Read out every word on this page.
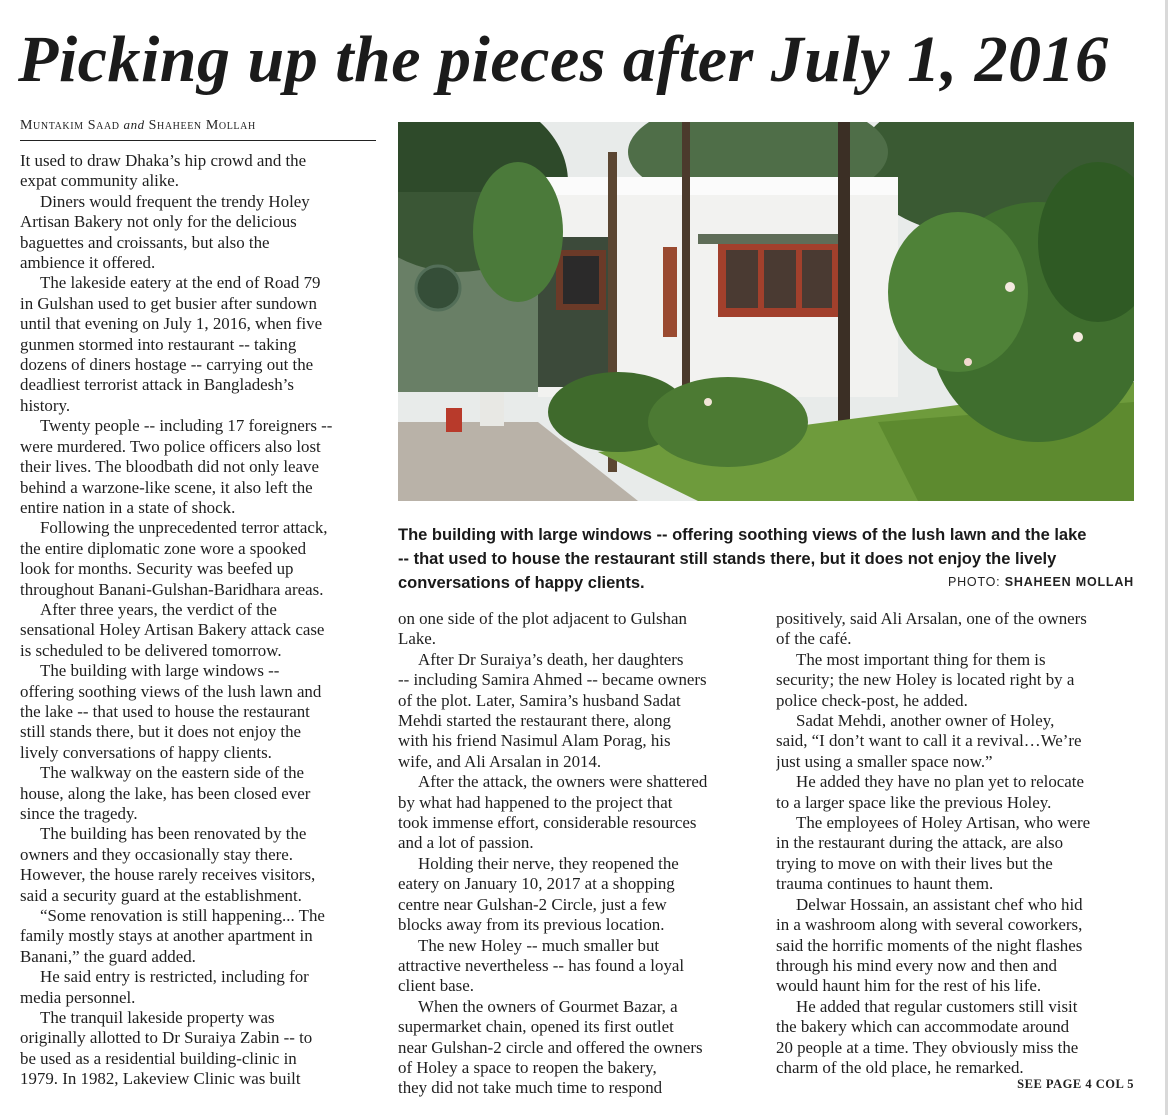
Picking up the pieces after July 1, 2016
Muntakim Saad and Shaheen Mollah

It used to draw Dhaka’s hip crowd and the
expat community alike.

Diners would frequent the trendy Holey
Artisan Bakery not only for the delicious
baguettes and croissants, but also the
ambience it offered.

The lakeside eatery at the end of Road 79
in Gulshan used to get busier after sundown
until that evening on July 1, 2016, when five
gunmen stormed into restaurant -- taking
dozens of diners hostage -- carrying out the
deadliest terrorist attack in Bangladesh’s
history.

Twenty people -- including 17 foreigners --
were murdered. Two police officers also lost
their lives. The bloodbath did not only leave
behind a warzone-like scene, it also left the
entire nation in a state of shock.

Following the unprecedented terror attack,
the entire diplomatic zone wore a spooked
look for months. Security was beefed up
throughout Banani-Gulshan-Baridhara areas.

After three years, the verdict of the
sensational Holey Artisan Bakery attack case
is scheduled to be delivered tomorrow.

The building with large windows --
offering soothing views of the lush lawn and
the lake -- that used to house the restaurant
still stands there, but it does not enjoy the
lively conversations of happy clients.

The walkway on the eastern side of the
house, along the lake, has been closed ever
since the tragedy.

The building has been renovated by the
owners and they occasionally stay there.
However, the house rarely receives visitors,
said a security guard at the establishment.

“Some renovation is still happening... The
family mostly stays at another apartment in
Banani,” the guard added.

He said entry is restricted, including for
media personnel.

The tranquil lakeside property was
originally allotted to Dr Suraiya Zabin -- to
be used as a residential building-clinic in
1979. In 1982, Lakeview Clinic was built

The building with large windows -- offering soothing views of the lush lawn and the lake
-- that used to house the restaurant still stands there, but it does not enjoy the lively
conversations of happy clients.	PHOTO: SHAHEEN MOLLAH

on one side of the plot adjacent to Gulshan
Lake.

After Dr Suraiya’s death, her daughters
-- including Samira Ahmed -- became owners
of the plot. Later, Samira’s husband Sadat
Mehdi started the restaurant there, along
with his friend Nasimul Alam Porag, his
wife, and Ali Arsalan in 2014.

After the attack, the owners were shattered
by what had happened to the project that
took immense effort, considerable resources
and a lot of passion.

Holding their nerve, they reopened the
eatery on January 10, 2017 at a shopping
centre near Gulshan-2 Circle, just a few
blocks away from its previous location.

The new Holey -- much smaller but
attractive nevertheless -- has found a loyal
client base.

When the owners of Gourmet Bazar, a
supermarket chain, opened its first outlet
near Gulshan-2 circle and offered the owners
of Holey a space to reopen the bakery,
they did not take much time to respond

positively, said Ali Arsalan, one of the owners
of the café.

The most important thing for them is
security; the new Holey is located right by a
police check-post, he added.

Sadat Mehdi, another owner of Holey,
said, “I don’t want to call it a revival…We’re
just using a smaller space now.”

He added they have no plan yet to relocate
to a larger space like the previous Holey.

The employees of Holey Artisan, who were
in the restaurant during the attack, are also
trying to move on with their lives but the
trauma continues to haunt them.

Delwar Hossain, an assistant chef who hid
in a washroom along with several coworkers,
said the horrific moments of the night flashes
through his mind every now and then and
would haunt him for the rest of his life.

He added that regular customers still visit
the bakery which can accommodate around
20 people at a time. They obviously miss the
charm of the old place, he remarked.

SEE PAGE 4 COL 5
